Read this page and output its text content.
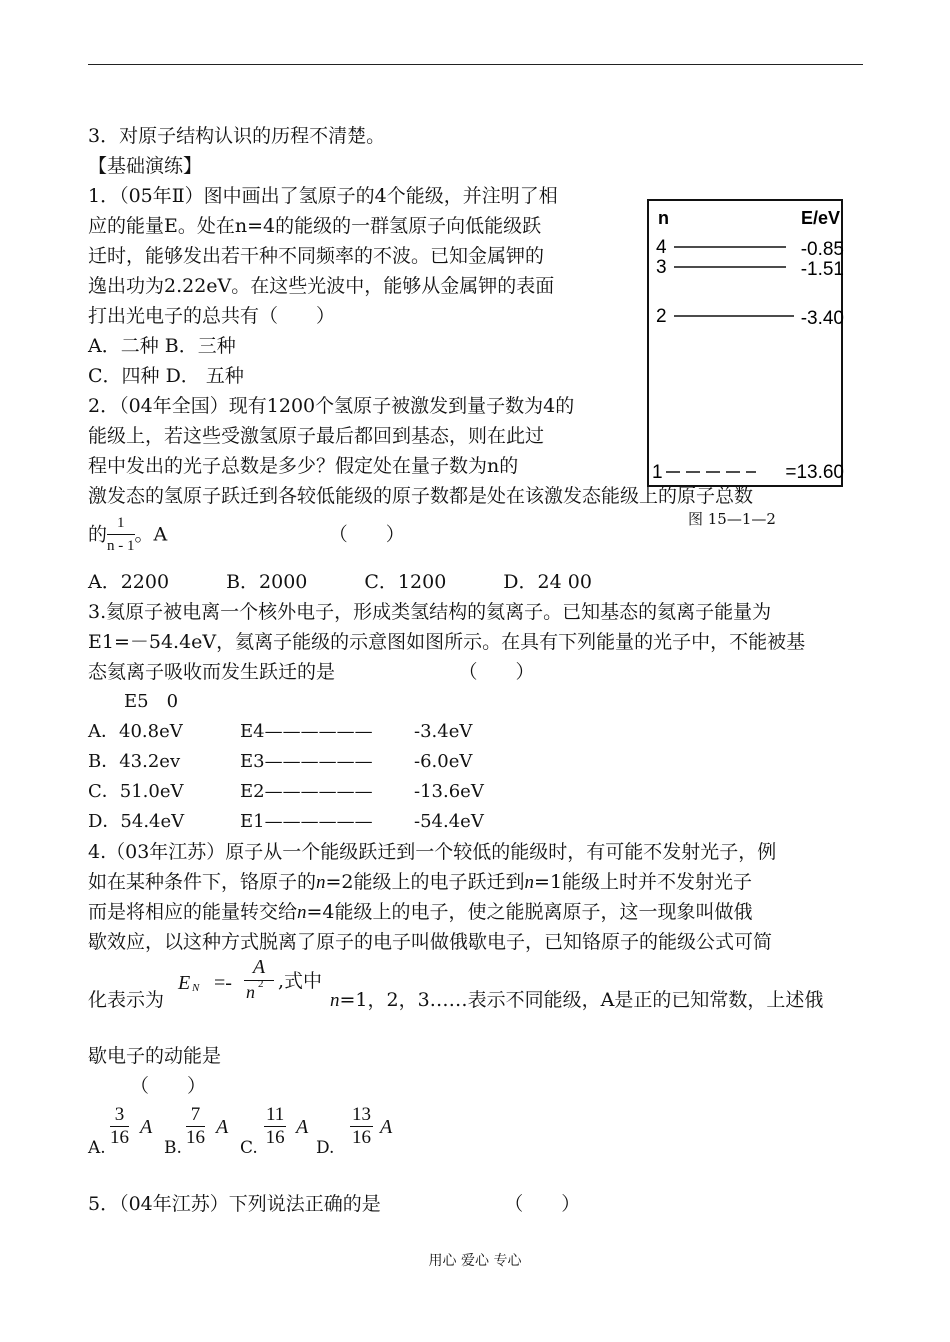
3．对原子结构认识的历程不清楚。
【基础演练】
1．（05年Ⅱ）图中画出了氢原子的4个能级，并注明了相
应的能量E。处在n=4的能级的一群氢原子向低能级跃
迁时，能够发出若干种不同频率的不波。已知金属钾的
逸出功为2.22eV。在这些光波中，能够从金属钾的表面
打出光电子的总共有（　　）
A．二种 B．三种
C．四种 D． 五种
2．（04年全国）现有1200个氢原子被激发到量子数为4的
能级上，若这些受激氢原子最后都回到基态，则在此过
程中发出的光子总数是多少？假定处在量子数为n的
激发态的氢原子跃迁到各较低能级的原子数都是处在该激发态能级上的原子总数
的 $\frac{1}{n - 1}$ 。A　　　　　　　　　（　　）
A．2200　　　B．2000　　　C．1200　　　D．24 00
3.氦原子被电离一个核外电子，形成类氢结构的氦离子。已知基态的氦离子能量为
E1=－54.4eV，氦离子能级的示意图如图所示。在具有下列能量的光子中，不能被基
态氦离子吸收而发生跃迁的是　　　　　　　（　　）
E5　0
A．40.8eV	E4—————— -3.4eV
B．43.2ev	E3—————— -6.0eV
C．51.0eV	E2—————— -13.6eV
D．54.4eV	E1—————— -54.4eV
4.（03年江苏）原子从一个能级跃迁到一个较低的能级时，有可能不发射光子，例
如在某种条件下，铬原子的n=2能级上的电子跃迁到n=1能级上时并不发射光子
而是将相应的能量转交给n=4能级上的电子，使之能脱离原子，这一现象叫做俄
歇效应，以这种方式脱离了原子的电子叫做俄歇电子，已知铬原子的能级公式可简
化表示为
E N =-
A
n 2 ,式中
n=1，2，3……表示不同能级，A是正的已知常数，上述俄
歇电子的动能是
（　　）
A. $\frac{3}{16}$ A
B. $\frac{7}{16}$ A
C. $\frac{11}{16}$ A
D. $\frac{13}{16}$ A
5．（04年江苏）下列说法正确的是　　　　　　　（　　）
n	E/eV
4	-0.85
3	-1.51
2	-3.40
1	=13.60
图 15—1—2
用心 爱心 专心
